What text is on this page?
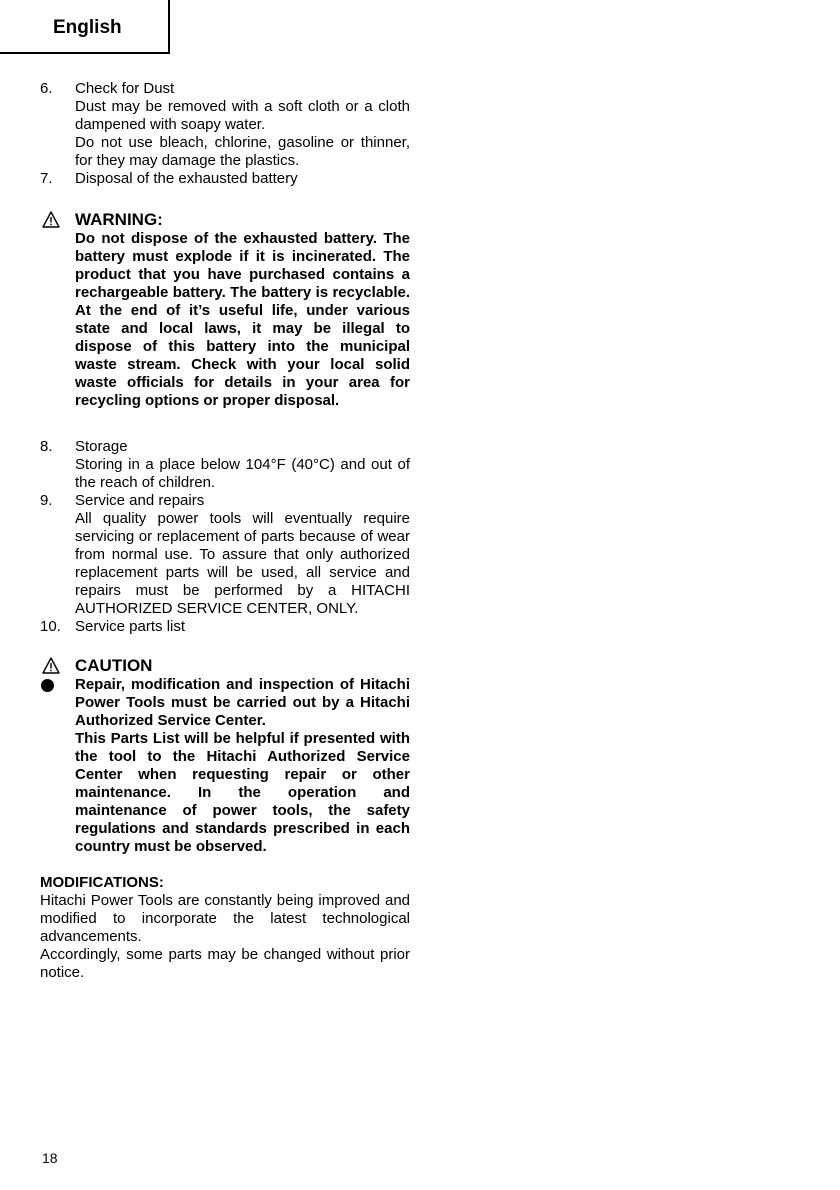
English
6. Check for Dust
Dust may be removed with a soft cloth or a cloth dampened with soapy water.
Do not use bleach, chlorine, gasoline or thinner, for they may damage the plastics.
7. Disposal of the exhausted battery
WARNING:
Do not dispose of the exhausted battery. The battery must explode if it is incinerated. The product that you have purchased contains a rechargeable battery. The battery is recyclable. At the end of it’s useful life, under various state and local laws, it may be illegal to dispose of this battery into the municipal waste stream. Check with your local solid waste officials for details in your area for recycling options or proper disposal.
8. Storage
Storing in a place below 104°F (40°C) and out of the reach of children.
9. Service and repairs
All quality power tools will eventually require servicing or replacement of parts because of wear from normal use. To assure that only authorized replacement parts will be used, all service and repairs must be performed by a HITACHI AUTHORIZED SERVICE CENTER, ONLY.
10. Service parts list
CAUTION
Repair, modification and inspection of Hitachi Power Tools must be carried out by a Hitachi Authorized Service Center.
This Parts List will be helpful if presented with the tool to the Hitachi Authorized Service Center when requesting repair or other maintenance. In the operation and maintenance of power tools, the safety regulations and standards prescribed in each country must be observed.
MODIFICATIONS:
Hitachi Power Tools are constantly being improved and modified to incorporate the latest technological advancements.
Accordingly, some parts may be changed without prior notice.
18
